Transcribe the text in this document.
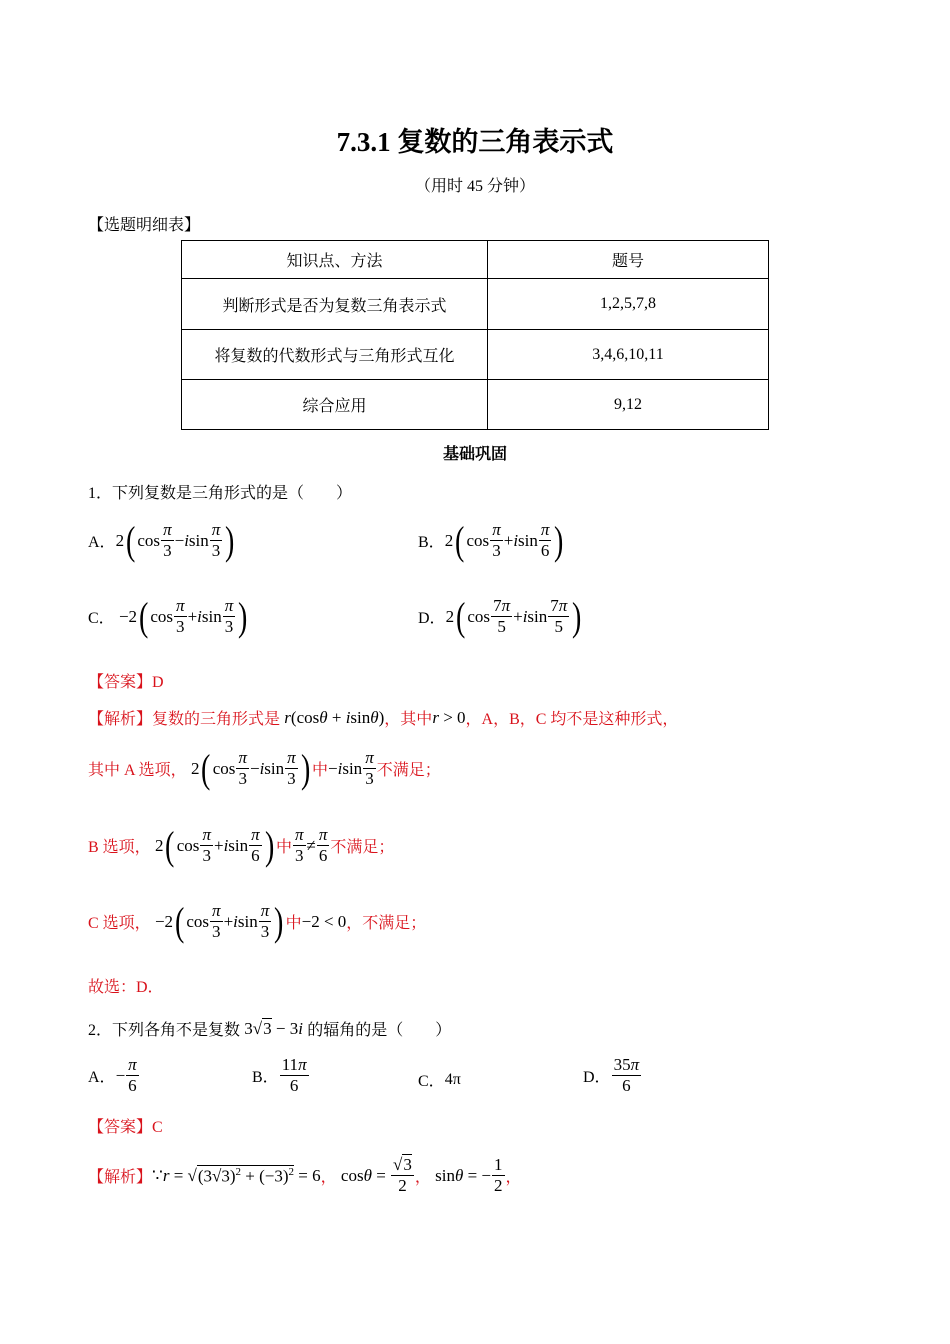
7.3.1 复数的三角表示式
（用时 45 分钟）
【选题明细表】
知识点、方法	题号
判断形式是否为复数三角表示式	1,2,5,7,8
将复数的代数形式与三角形式互化	3,4,6,10,11
综合应用	9,12
基础巩固
1．下列复数是三角形式的是（　　）
A． 2 ( $\cos \frac{\pi}{3} - i$ $\sin \frac{\pi}{3}$ )	B． 2 ( $\cos \frac{\pi}{3} + i$ $\sin \frac{\pi}{6}$ )
C． −2 ( $\cos \frac{\pi}{3} + i$ $\sin \frac{\pi}{3}$ )	D． 2 ( $\cos \frac{7\pi}{5} + i$ $\sin \frac{7\pi}{5}$ )
【答案】D
【解析】 复数的三角形式是 r(cosθ + isinθ) ，其中 r > 0 ，A，B，C 均不是这种形式，
其中 A 选项， 2 ( $\cos \frac{\pi}{3} - i$ $\sin \frac{\pi}{3}$ ) 中 − i $\sin \frac{\pi}{3}$ 不满足；
B 选项， 2 ( $\cos \frac{\pi}{3} + i$ $\sin \frac{\pi}{6}$ ) 中 $\frac{\pi}{3} \ne \frac{\pi}{6}$ 不满足；
C 选项， −2 ( $\cos \frac{\pi}{3} + i$ $\sin \frac{\pi}{3}$ ) 中 −2 < 0 ，不满足；
故选：D．
2．下列各角不是复数 3√3 − 3i 的辐角的是（　　）
A． − $\frac{\pi}{6}$	B． $\frac{11\pi}{6}$	C． 4π	D． $\frac{35\pi}{6}$
【答案】C
【解析】 ∵ r = √ $(3√3)^2 + (-3)^2 = 6$ ， $\cos \theta = \frac{√3}{2}$ ， sin θ = − $\frac{1}{2}$ ，
